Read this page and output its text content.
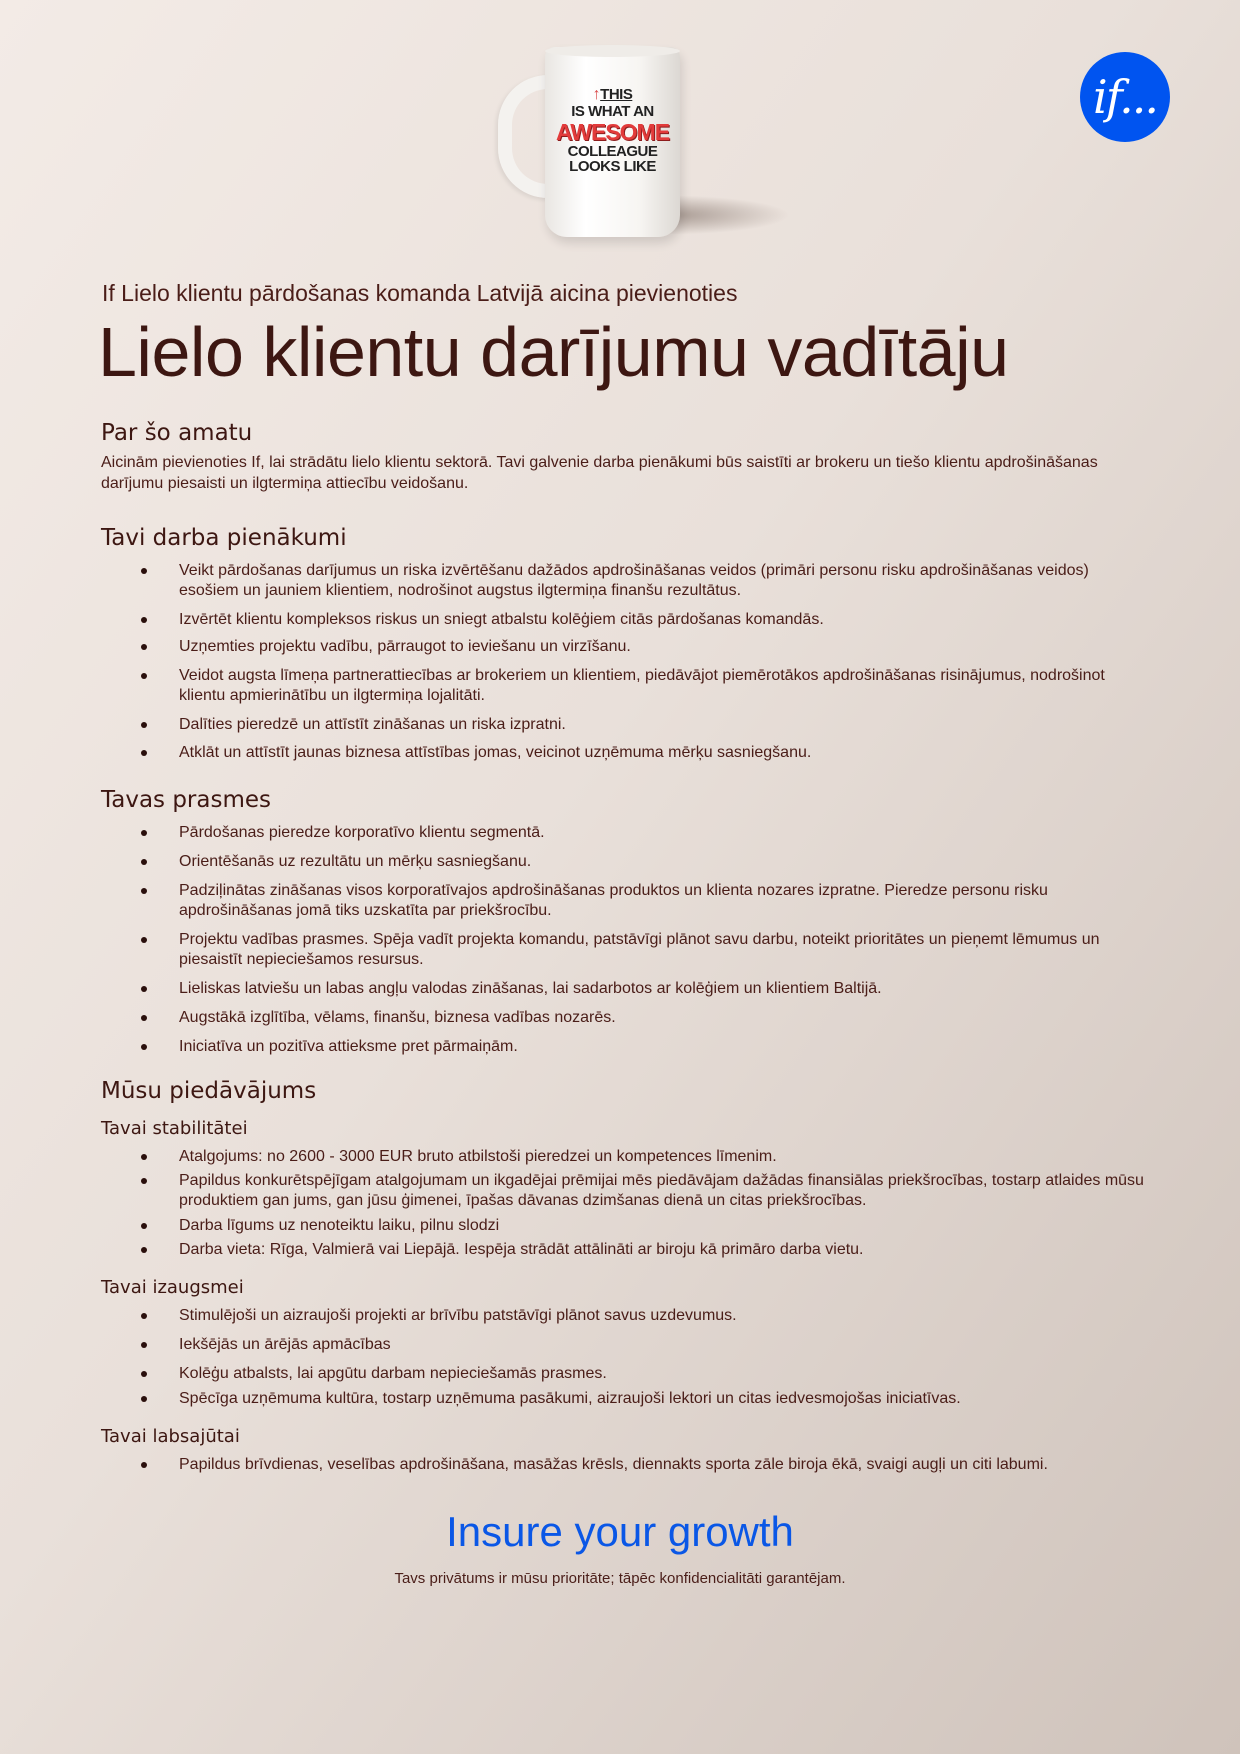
↑THIS
IS WHAT AN
AWESOME
COLLEAGUE
LOOKS LIKE
if...
If Lielo klientu pārdošanas komanda Latvijā aicina pievienoties
Lielo klientu darījumu vadītāju
Par šo amatu

Aicinām pievienoties If, lai strādātu lielo klientu sektorā. Tavi galvenie darba pienākumi būs saistīti ar brokeru un tiešo klientu apdrošināšanas darījumu piesaisti un ilgtermiņa attiecību veidošanu.

Tavi darba pienākumi
Veikt pārdošanas darījumus un riska izvērtēšanu dažādos apdrošināšanas veidos (primāri personu risku apdrošināšanas veidos) esošiem un jauniem klientiem, nodrošinot augstus ilgtermiņa finanšu rezultātus.
Izvērtēt klientu kompleksos riskus un sniegt atbalstu kolēģiem citās pārdošanas komandās.
Uzņemties projektu vadību, pārraugot to ieviešanu un virzīšanu.
Veidot augsta līmeņa partnerattiecības ar brokeriem un klientiem, piedāvājot piemērotākos apdrošināšanas risinājumus, nodrošinot klientu apmierinātību un ilgtermiņa lojalitāti.
Dalīties pieredzē un attīstīt zināšanas un riska izpratni.
Atklāt un attīstīt jaunas biznesa attīstības jomas, veicinot uzņēmuma mērķu sasniegšanu.
Tavas prasmes
Pārdošanas pieredze korporatīvo klientu segmentā.
Orientēšanās uz rezultātu un mērķu sasniegšanu.
Padziļinātas zināšanas visos korporatīvajos apdrošināšanas produktos un klienta nozares izpratne. Pieredze personu risku apdrošināšanas jomā tiks uzskatīta par priekšrocību.
Projektu vadības prasmes. Spēja vadīt projekta komandu, patstāvīgi plānot savu darbu, noteikt prioritātes un pieņemt lēmumus un piesaistīt nepieciešamos resursus.
Lieliskas latviešu un labas angļu valodas zināšanas, lai sadarbotos ar kolēģiem un klientiem Baltijā.
Augstākā izglītība, vēlams, finanšu, biznesa vadības nozarēs.
Iniciatīva un pozitīva attieksme pret pārmaiņām.
Mūsu piedāvājums
Tavai stabilitātei
Atalgojums: no 2600 - 3000 EUR bruto atbilstoši pieredzei un kompetences līmenim.
Papildus konkurētspējīgam atalgojumam un ikgadējai prēmijai mēs piedāvājam dažādas finansiālas priekšrocības, tostarp atlaides mūsu produktiem gan jums, gan jūsu ģimenei, īpašas dāvanas dzimšanas dienā un citas priekšrocības.
Darba līgums uz nenoteiktu laiku, pilnu slodzi
Darba vieta: Rīga, Valmierā vai Liepājā. Iespēja strādāt attālināti ar biroju kā primāro darba vietu.
Tavai izaugsmei
Stimulējoši un aizraujoši projekti ar brīvību patstāvīgi plānot savus uzdevumus.
Iekšējās un ārējās apmācības
Kolēģu atbalsts, lai apgūtu darbam nepieciešamās prasmes.
Spēcīga uzņēmuma kultūra, tostarp uzņēmuma pasākumi, aizraujoši lektori un citas iedvesmojošas iniciatīvas.
Tavai labsajūtai
Papildus brīvdienas, veselības apdrošināšana, masāžas krēsls, diennakts sporta zāle biroja ēkā, svaigi augļi un citi labumi.
Insure your growth
Tavs privātums ir mūsu prioritāte; tāpēc konfidencialitāti garantējam.
